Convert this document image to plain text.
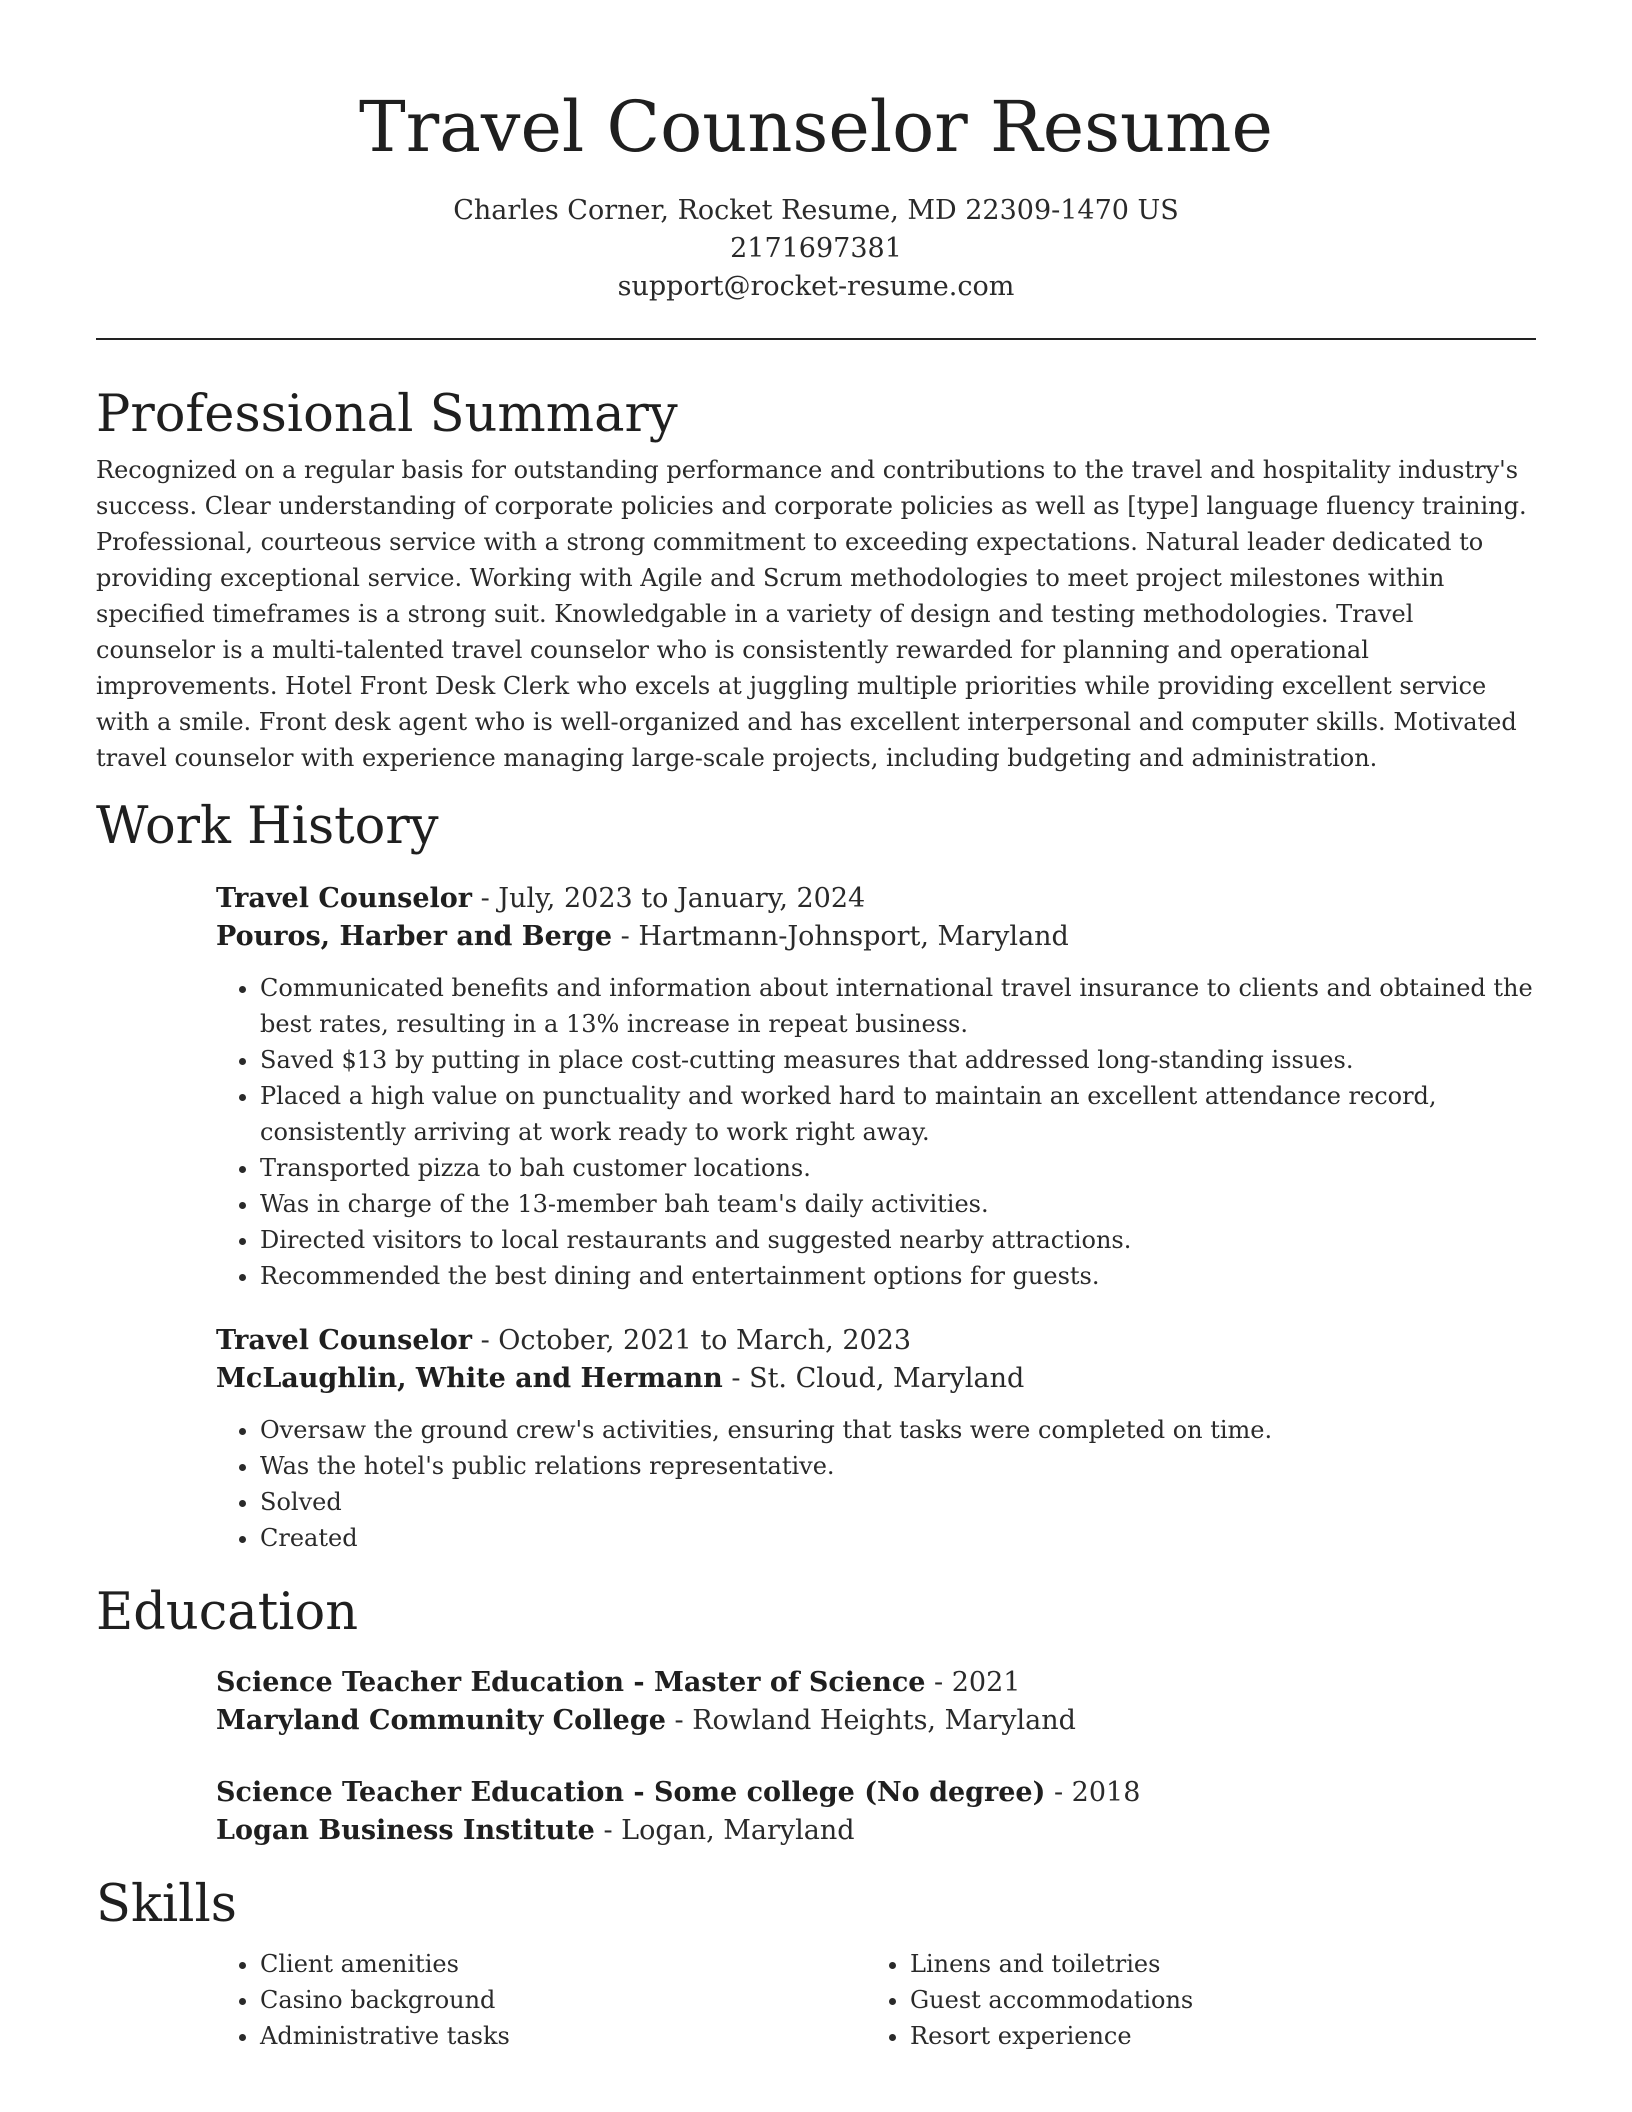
Travel Counselor Resume
Charles Corner, Rocket Resume, MD 22309-1470 US
2171697381
support@rocket-resume.com
Professional Summary

Recognized on a regular basis for outstanding performance and contributions to the travel and hospitality industry's success. Clear understanding of corporate policies and corporate policies as well as [type] language fluency training. Professional, courteous service with a strong commitment to exceeding expectations. Natural leader dedicated to providing exceptional service. Working with Agile and Scrum methodologies to meet project milestones within specified timeframes is a strong suit. Knowledgable in a variety of design and testing methodologies. Travel counselor is a multi-talented travel counselor who is consistently rewarded for planning and operational improvements. Hotel Front Desk Clerk who excels at juggling multiple priorities while providing excellent service with a smile. Front desk agent who is well-organized and has excellent interpersonal and computer skills. Motivated travel counselor with experience managing large-scale projects, including budgeting and administration.

Work History
Travel Counselor - July, 2023 to January, 2024
Pouros, Harber and Berge - Hartmann-Johnsport, Maryland
• Communicated benefits and information about international travel insurance to clients and obtained the best rates, resulting in a 13% increase in repeat business.
• Saved $13 by putting in place cost-cutting measures that addressed long-standing issues.
• Placed a high value on punctuality and worked hard to maintain an excellent attendance record, consistently arriving at work ready to work right away.
• Transported pizza to bah customer locations.
• Was in charge of the 13-member bah team's daily activities.
• Directed visitors to local restaurants and suggested nearby attractions.
• Recommended the best dining and entertainment options for guests.
Travel Counselor - October, 2021 to March, 2023
McLaughlin, White and Hermann - St. Cloud, Maryland
• Oversaw the ground crew's activities, ensuring that tasks were completed on time.
• Was the hotel's public relations representative.
• Solved
• Created
Education
Science Teacher Education - Master of Science - 2021
Maryland Community College - Rowland Heights, Maryland
Science Teacher Education - Some college (No degree) - 2018
Logan Business Institute - Logan, Maryland
Skills
• Client amenities
• Casino background
• Administrative tasks
• Linens and toiletries
• Guest accommodations
• Resort experience
